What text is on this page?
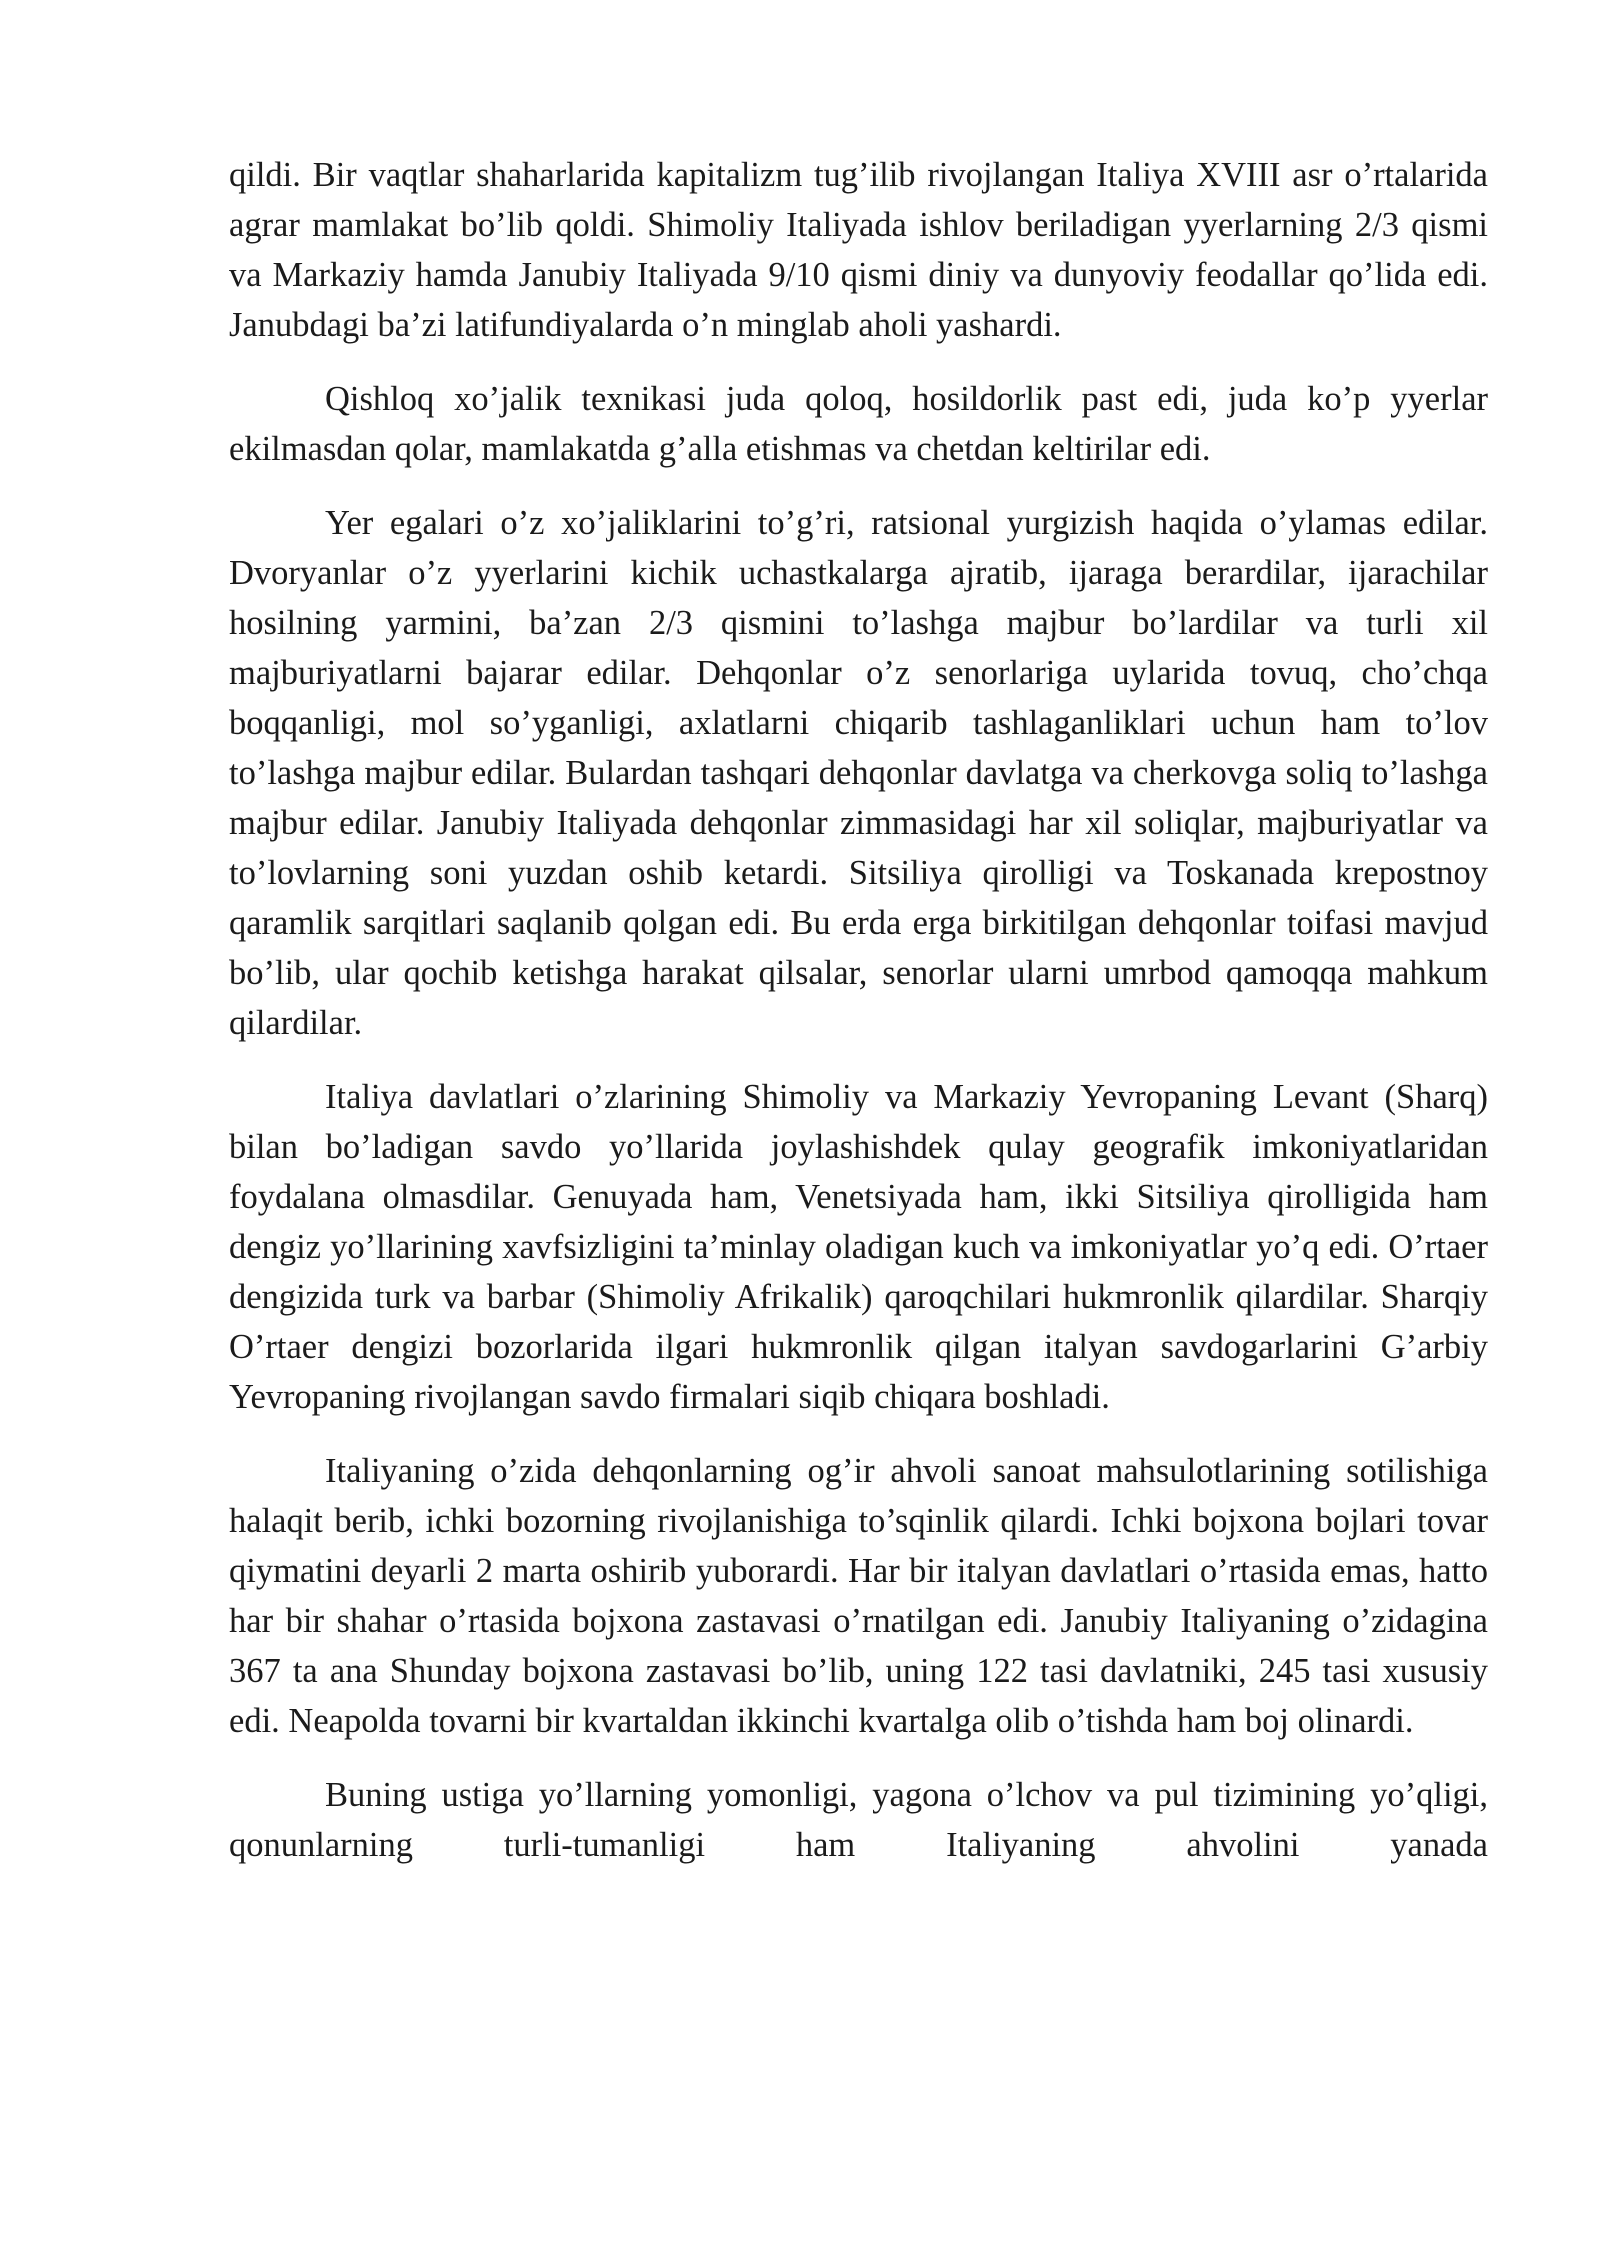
qildi. Bir vaqtlar shaharlarida kapitalizm tug’ilib rivojlangan Italiya XVIII asr o’rtalarida agrar mamlakat bo’lib qoldi. Shimoliy Italiyada ishlov beriladigan yyerlarning 2/3 qismi va Markaziy hamda Janubiy Italiyada 9/10 qismi diniy va dunyoviy feodallar qo’lida edi. Janubdagi ba’zi latifundiyalarda o’n minglab aholi yashardi.

Qishloq xo’jalik texnikasi juda qoloq, hosildorlik past edi, juda ko’p yyerlar ekilmasdan qolar, mamlakatda g’alla etishmas va chetdan keltirilar edi.

Yer egalari o’z xo’jaliklarini to’g’ri, ratsional yurgizish haqida o’ylamas edilar. Dvoryanlar o’z yyerlarini kichik uchastkalarga ajratib, ijaraga berardilar, ijarachilar hosilning yarmini, ba’zan 2/3 qismini to’lashga majbur bo’lardilar va turli xil majburiyatlarni bajarar edilar. Dehqonlar o’z senorlariga uylarida tovuq, cho’chqa boqqanligi, mol so’yganligi, axlatlarni chiqarib tashlaganliklari uchun ham to’lov to’lashga majbur edilar. Bulardan tashqari dehqonlar davlatga va cherkovga soliq to’lashga majbur edilar. Janubiy Italiyada dehqonlar zimmasidagi har xil soliqlar, majburiyatlar va to’lovlarning soni yuzdan oshib ketardi. Sitsiliya qirolligi va Toskanada krepostnoy qaramlik sarqitlari saqlanib qolgan edi. Bu erda erga birkitilgan dehqonlar toifasi mavjud bo’lib, ular qochib ketishga harakat qilsalar, senorlar ularni umrbod qamoqqa mahkum qilardilar.

Italiya davlatlari o’zlarining Shimoliy va Markaziy Yevropaning Levant (Sharq) bilan bo’ladigan savdo yo’llarida joylashishdek qulay geografik imkoniyatlaridan foydalana olmasdilar. Genuyada ham, Venetsiyada ham, ikki Sitsiliya qirolligida ham dengiz yo’llarining xavfsizligini ta’minlay oladigan kuch va imkoniyatlar yo’q edi. O’rtaer dengizida turk va barbar (Shimoliy Afrikalik) qaroqchilari hukmronlik qilardilar. Sharqiy O’rtaer dengizi bozorlarida ilgari hukmronlik qilgan italyan savdogarlarini G’arbiy Yevropaning rivojlangan savdo firmalari siqib chiqara boshladi.

Italiyaning o’zida dehqonlarning og’ir ahvoli sanoat mahsulotlarining sotilishiga halaqit berib, ichki bozorning rivojlanishiga to’sqinlik qilardi. Ichki bojxona bojlari tovar qiymatini deyarli 2 marta oshirib yuborardi. Har bir italyan davlatlari o’rtasida emas, hatto har bir shahar o’rtasida bojxona zastavasi o’rnatilgan edi. Janubiy Italiyaning o’zidagina 367 ta ana Shunday bojxona zastavasi bo’lib, uning 122 tasi davlatniki, 245 tasi xususiy edi. Neapolda tovarni bir kvartaldan ikkinchi kvartalga olib o’tishda ham boj olinardi.

Buning ustiga yo’llarning yomonligi, yagona o’lchov va pul tizimining yo’qligi, qonunlarning turli-tumanligi ham Italiyaning ahvolini yanada
